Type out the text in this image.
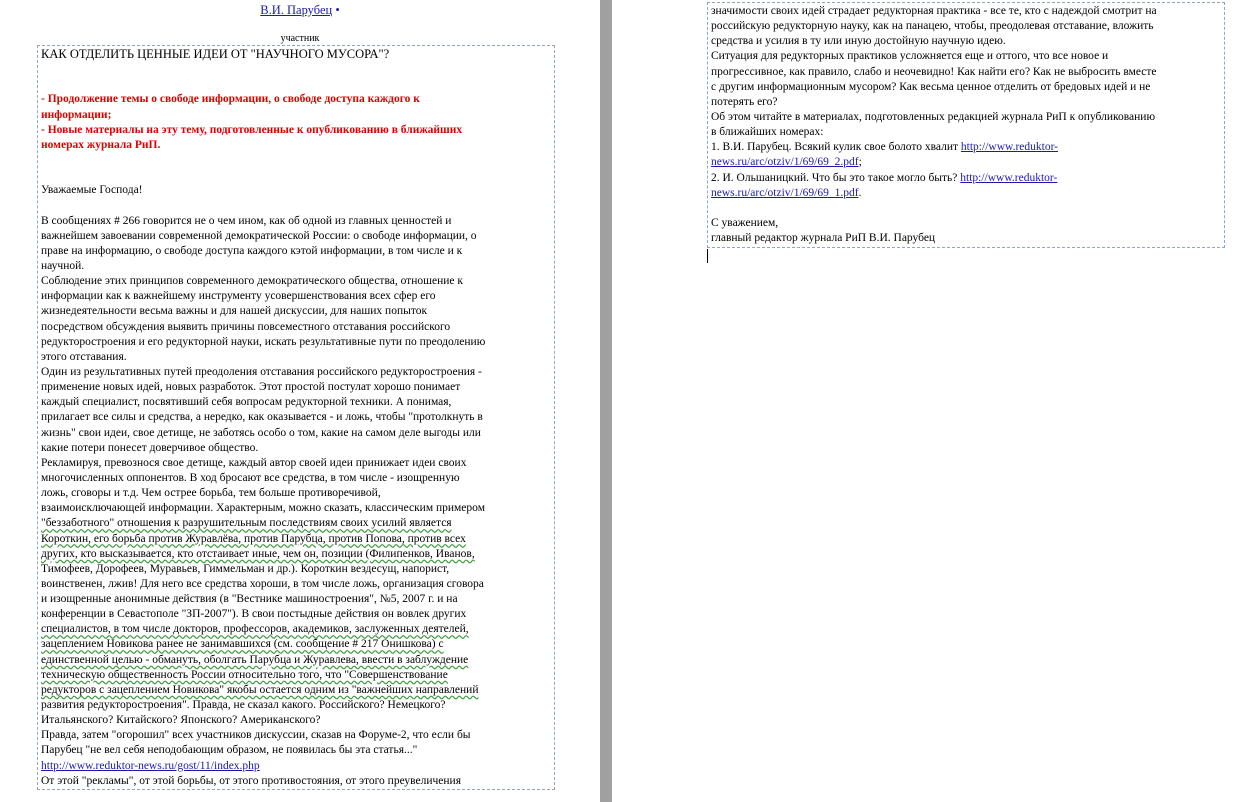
В.И. Парубец •
участник
КАК ОТДЕЛИТЬ ЦЕННЫЕ ИДЕИ ОТ "НАУЧНОГО МУСОРА"?
- Продолжение темы о свободе информации, о свободе доступа каждого к
информации;
- Новые материалы на эту тему, подготовленные к опубликованию в ближайших
номерах журнала РиП.
Уважаемые Господа!
В сообщениях # 266 говорится не о чем ином, как об одной из главных ценностей и
важнейшем завоевании современной демократической России: о свободе информации, о
праве на информацию, о свободе доступа каждого кэтой информации, в том числе и к
научной.
Соблюдение этих принципов современного демократического общества, отношение к
информации как к важнейшему инструменту усовершенствования всех сфер его
жизнедеятельности весьма важны и для нашей дискуссии, для наших попыток
посредством обсуждения выявить причины повсеместного отставания российского
редукторостроения и его редукторной науки, искать результативные пути по преодолению
этого отставания.
Один из результативных путей преодоления отставания российского редукторостроения -
применение новых идей, новых разработок. Этот простой постулат хорошо понимает
каждый специалист, посвятивший себя вопросам редукторной техники. А понимая,
прилагает все силы и средства, а нередко, как оказывается - и ложь, чтобы "протолкнуть в
жизнь" свои идеи, свое детище, не заботясь особо о том, какие на самом деле выгоды или
какие потери понесет доверчивое общество.
Рекламируя, превознося свое детище, каждый автор своей идеи принижает идеи своих
многочисленных оппонентов. В ход бросают все средства, в том числе - изощренную
ложь, сговоры и т.д. Чем острее борьба, тем больше противоречивой,
взаимоисключающей информации. Характерным, можно сказать, классическим примером
"беззаботного" отношения к разрушительным последствиям своих усилий является
Короткин, его борьба против Журавлёва, против Парубца, против Попова, против всех
других, кто высказывается, кто отстаивает иные, чем он, позиции (Филипенков, Иванов,
Тимофеев, Дорофеев, Муравьев, Гиммельман и др.). Короткин вездесущ, напорист,
воинственен, лжив! Для него все средства хороши, в том числе ложь, организация сговора
и изощренные анонимные действия (в "Вестнике машиностроения", №5, 2007 г. и на
конференции в Севастополе "ЗП-2007"). В свои постыдные действия он вовлек других
специалистов, в том числе докторов, профессоров, академиков, заслуженных деятелей,
зацеплением Новикова ранее не занимавшихся (см. сообщение # 217 Онишкова) с
единственной целью - обмануть, оболгать Парубца и Журавлева, ввести в заблуждение
техническую общественность России относительно того, что "Совершенствование
редукторов с зацеплением Новикова" якобы остается одним из "важнейших направлений
развития редукторостроения". Правда, не сказал какого. Российского? Немецкого?
Итальянского? Китайского? Японского? Американского?
Правда, затем "огорошил" всех участников дискуссии, сказав на Форуме-2, что если бы
Парубец "не вел себя неподобающим образом, не появилась бы эта статья..."
http://www.reduktor-news.ru/gost/11/index.php
От этой "рекламы", от этой борьбы, от этого противостояния, от этого преувеличения
значимости своих идей страдает редукторная практика - все те, кто с надеждой смотрит на
российскую редукторную науку, как на панацею, чтобы, преодолевая отставание, вложить
средства и усилия в ту или иную достойную научную идею.
Ситуация для редукторных практиков усложняется еще и оттого, что все новое и
прогрессивное, как правило, слабо и неочевидно! Как найти его? Как не выбросить вместе
с другим информационным мусором? Как весьма ценное отделить от бредовых идей и не
потерять его?
Об этом читайте в материалах, подготовленных редакцией журнала РиП к опубликованию
в ближайших номерах:
1. В.И. Парубец. Всякий кулик свое болото хвалит http://www.reduktor-
news.ru/arc/otziv/1/69/69_2.pdf;
2. И. Ольшаницкий. Что бы это такое могло быть? http://www.reduktor-
news.ru/arc/otziv/1/69/69_1.pdf.
С уважением,
главный редактор журнала РиП В.И. Парубец
